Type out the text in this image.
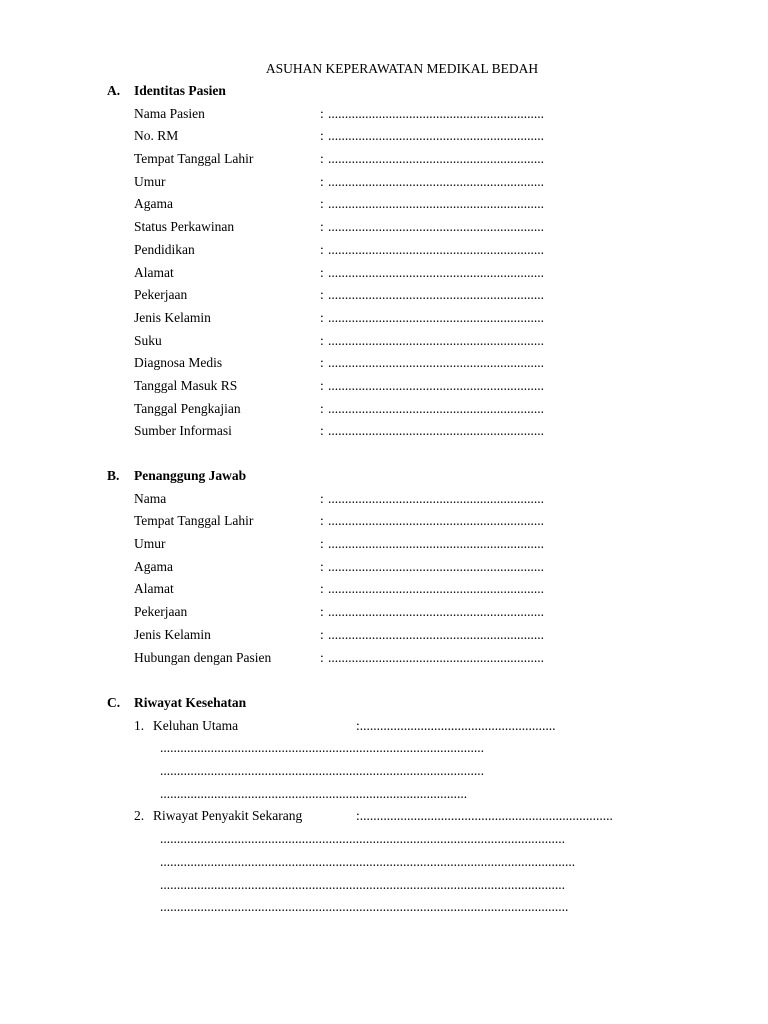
ASUHAN KEPERAWATAN MEDIKAL BEDAH
A.	Identitas Pasien
Nama Pasien	: ................................................................
No. RM	: ................................................................
Tempat Tanggal Lahir	: ................................................................
Umur	: ................................................................
Agama	: ................................................................
Status Perkawinan	: ................................................................
Pendidikan	: ................................................................
Alamat	: ................................................................
Pekerjaan	: ................................................................
Jenis Kelamin	: ................................................................
Suku	: ................................................................
Diagnosa Medis	: ................................................................
Tanggal Masuk RS	: ................................................................
Tanggal Pengkajian	: ................................................................
Sumber Informasi	: ................................................................
B.	Penanggung Jawab
Nama	: ................................................................
Tempat Tanggal Lahir	: ................................................................
Umur	: ................................................................
Agama	: ................................................................
Alamat	: ................................................................
Pekerjaan	: ................................................................
Jenis Kelamin	: ................................................................
Hubungan dengan Pasien	: ................................................................
C.	Riwayat Kesehatan
1. Keluhan Utama	:..........................................................
................................................................................................
................................................................................................
...........................................................................................
2. Riwayat Penyakit Sekarang	:...........................................................................
........................................................................................................................
...........................................................................................................................
........................................................................................................................
.........................................................................................................................
